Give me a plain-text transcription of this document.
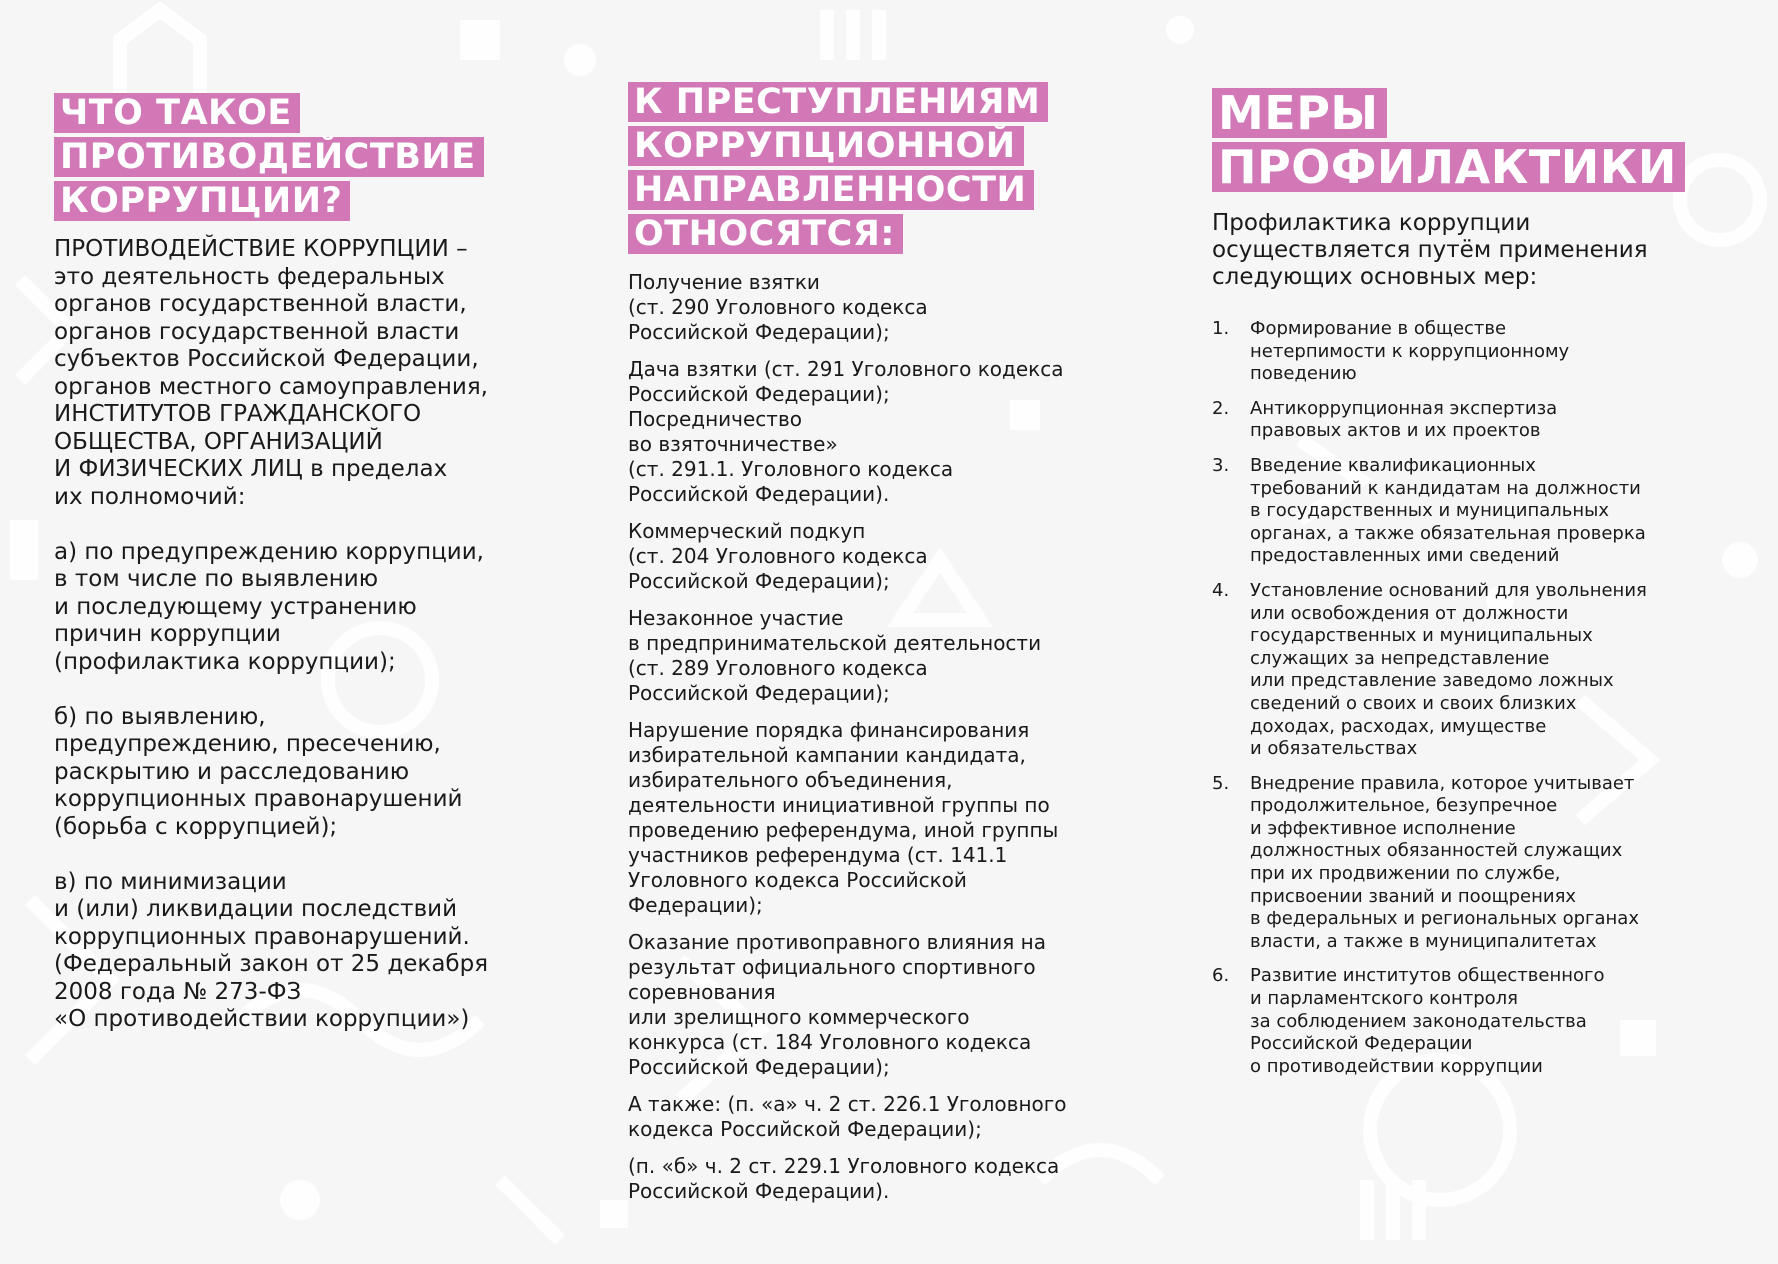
ЧТО ТАКОЕ
ПРОТИВОДЕЙСТВИЕ
КОРРУПЦИИ?

ПРОТИВОДЕЙСТВИЕ КОРРУПЦИИ –
это деятельность федеральных
органов государственной власти,
органов государственной власти
субъектов Российской Федерации,
органов местного самоуправления,
ИНСТИТУТОВ ГРАЖДАНСКОГО
ОБЩЕСТВА, ОРГАНИЗАЦИЙ
И ФИЗИЧЕСКИХ ЛИЦ в пределах
их полномочий:

а) по предупреждению коррупции,
в том числе по выявлению
и последующему устранению
причин коррупции
(профилактика коррупции);

б) по выявлению,
предупреждению, пресечению,
раскрытию и расследованию
коррупционных правонарушений
(борьба с коррупцией);

в) по минимизации
и (или) ликвидации последствий
коррупционных правонарушений.
(Федеральный закон от 25 декабря
2008 года № 273-ФЗ
«О противодействии коррупции»)

К ПРЕСТУПЛЕНИЯМ
КОРРУПЦИОННОЙ
НАПРАВЛЕННОСТИ
ОТНОСЯТСЯ:

Получение взятки
(ст. 290 Уголовного кодекса
Российской Федерации);

Дача взятки (ст. 291 Уголовного кодекса
Российской Федерации);
Посредничество
во взяточничестве»
(ст. 291.1. Уголовного кодекса
Российской Федерации).

Коммерческий подкуп
(ст. 204 Уголовного кодекса
Российской Федерации);

Незаконное участие
в предпринимательской деятельности
(ст. 289 Уголовного кодекса
Российской Федерации);

Нарушение порядка финансирования
избирательной кампании кандидата,
избирательного объединения,
деятельности инициативной группы по
проведению референдума, иной группы
участников референдума (ст. 141.1
Уголовного кодекса Российской
Федерации);

Оказание противоправного влияния на
результат официального спортивного
соревнования
или зрелищного коммерческого
конкурса (ст. 184 Уголовного кодекса
Российской Федерации);

А также: (п. «а» ч. 2 ст. 226.1 Уголовного
кодекса Российской Федерации);

(п. «б» ч. 2 ст. 229.1 Уголовного кодекса
Российской Федерации).

МЕРЫ
ПРОФИЛАКТИКИ
Профилактика коррупции
осуществляется путём применения
следующих основных мер:
1.	Формирование в обществе
нетерпимости к коррупционному
поведению
2.	Антикоррупционная экспертиза
правовых актов и их проектов
3.	Введение квалификационных
требований к кандидатам на должности
в государственных и муниципальных
органах, а также обязательная проверка
предоставленных ими сведений
4.	Установление оснований для увольнения
или освобождения от должности
государственных и муниципальных
служащих за непредставление
или представление заведомо ложных
сведений о своих и своих близких
доходах, расходах, имуществе
и обязательствах
5.	Внедрение правила, которое учитывает
продолжительное, безупречное
и эффективное исполнение
должностных обязанностей служащих
при их продвижении по службе,
присвоении званий и поощрениях
в федеральных и региональных органах
власти, а также в муниципалитетах
6.	Развитие институтов общественного
и парламентского контроля
за соблюдением законодательства
Российской Федерации
о противодействии коррупции
